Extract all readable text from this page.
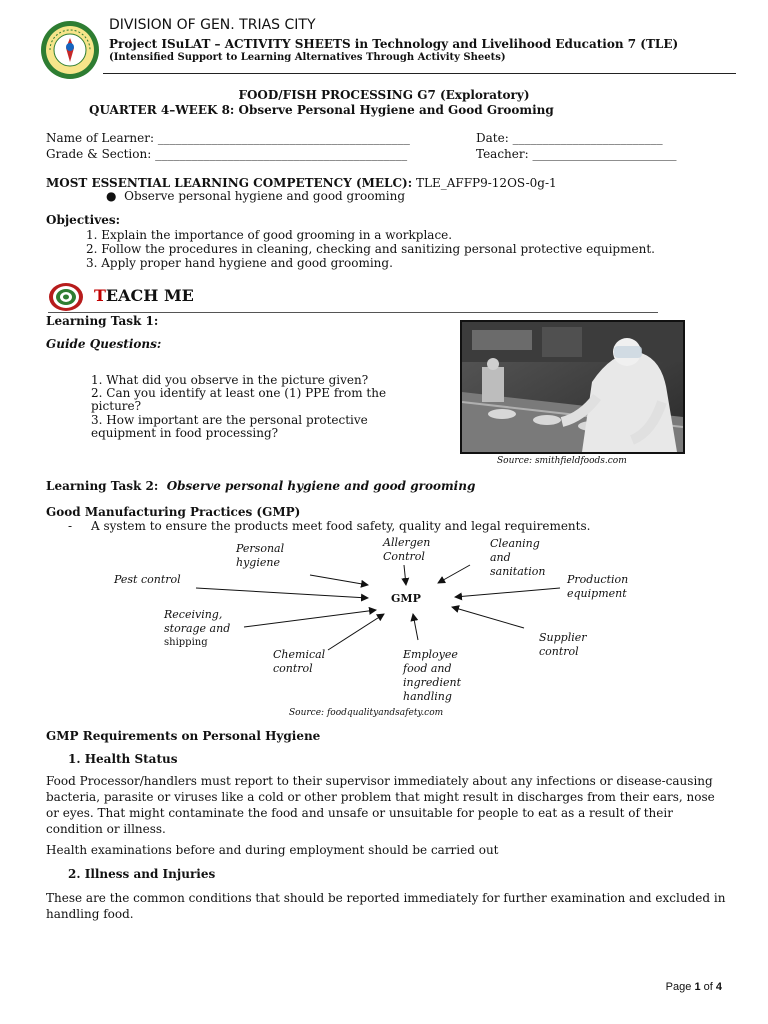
DIVISION OF GEN. TRIAS CITY
Project ISuLAT – ACTIVITY SHEETS in Technology and Livelihood Education 7 (TLE)
(Intensified Support to Learning Alternatives Through Activity Sheets)
FOOD/FISH PROCESSING G7 (Exploratory)
QUARTER 4–WEEK 8: Observe Personal Hygiene and Good Grooming
Name of Learner: __________________________________________	Date: _________________________
Grade & Section: __________________________________________	Teacher: ________________________
MOST ESSENTIAL LEARNING COMPETENCY (MELC): TLE_AFFP9-12OS-0g-1
● Observe personal hygiene and good grooming
Objectives:
1. Explain the importance of good grooming in a workplace.
2. Follow the procedures in cleaning, checking and sanitizing personal protective equipment.
3. Apply proper hand hygiene and good grooming.
TEACH ME
Learning Task 1:
Guide Questions:
1. What did you observe in the picture given?
2. Can you identify at least one (1) PPE from the
picture?
3. How important are the personal protective
equipment in food processing?
Source: smithfieldfoods.com
Learning Task 2: Observe personal hygiene and good grooming
Good Manufacturing Practices (GMP)
- A system to ensure the products meet food safety, quality and legal requirements.
GMP
Personal
hygiene
Allergen
Control
Cleaning
and
sanitation
Pest control	Production
equipment
Receiving,
storage and
shipping	Supplier
control
Chemical
control
Employee
food and
ingredient
handling
Source: foodqualityandsafety.com
GMP Requirements on Personal Hygiene
1. Health Status
Food Processor/handlers must report to their supervisor immediately about any infections or disease-causing bacteria, parasite or viruses like a cold or other problem that might result in discharges from their ears, nose or eyes. That might contaminate the food and unsafe or unsuitable for people to eat as a result of their condition or illness.
Health examinations before and during employment should be carried out
2. Illness and Injuries
These are the common conditions that should be reported immediately for further examination and excluded in handling food.
Page 1 of 4
